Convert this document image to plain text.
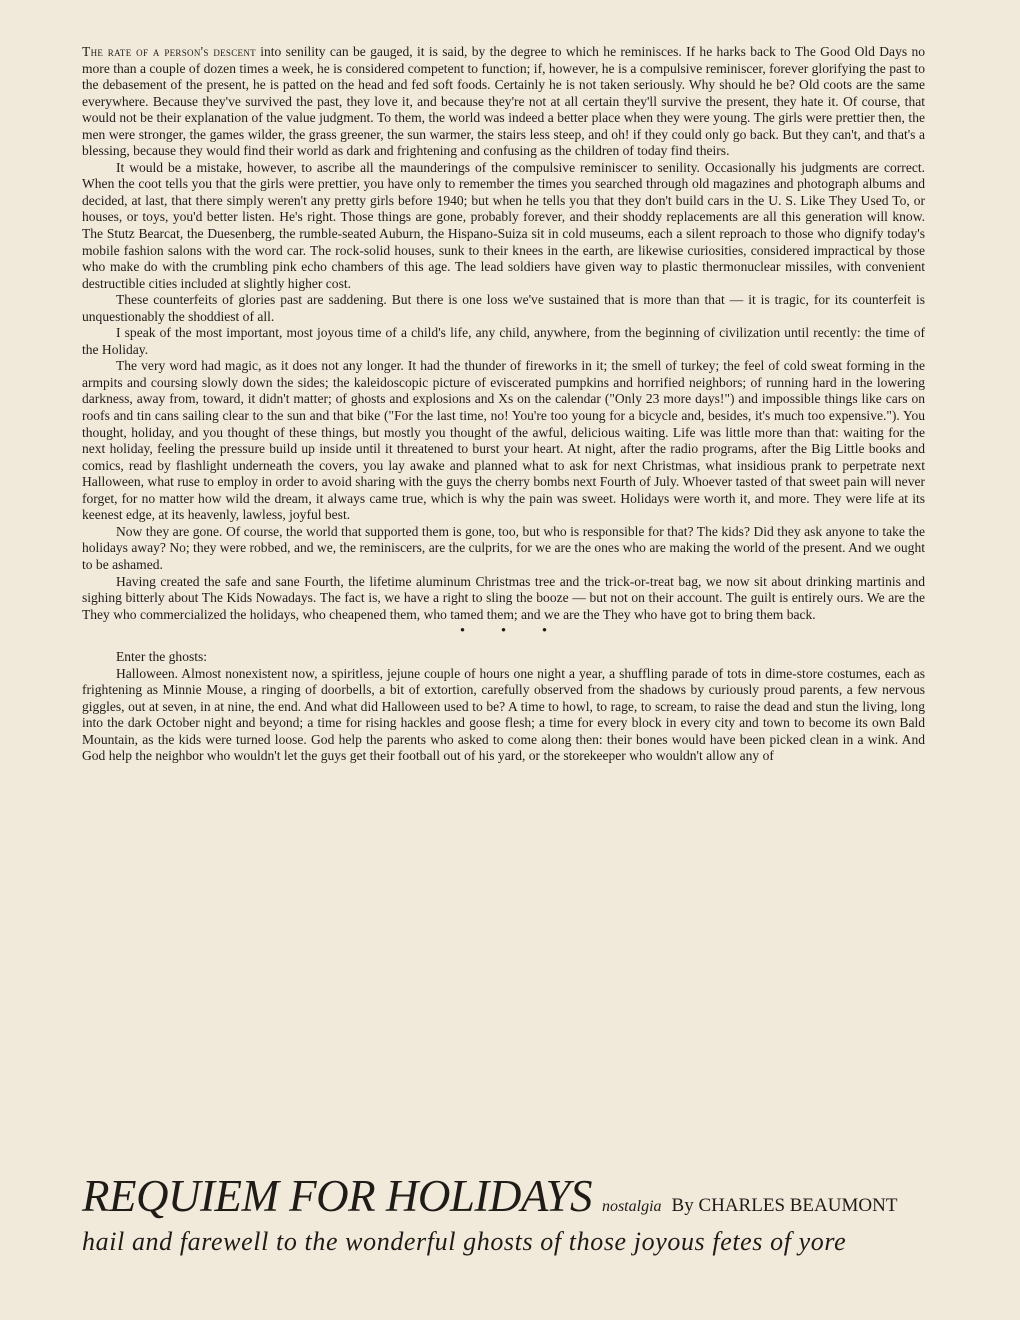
The rate of a person's descent into senility can be gauged, it is said, by the degree to which he reminisces. If he harks back to The Good Old Days no more than a couple of dozen times a week, he is considered competent to function; if, however, he is a compulsive reminiscer, forever glorifying the past to the debasement of the present, he is patted on the head and fed soft foods. Certainly he is not taken seriously. Why should he be? Old coots are the same everywhere. Because they've survived the past, they love it, and because they're not at all certain they'll survive the present, they hate it. Of course, that would not be their explanation of the value judgment. To them, the world was indeed a better place when they were young. The girls were prettier then, the men were stronger, the games wilder, the grass greener, the sun warmer, the stairs less steep, and oh! if they could only go back. But they can't, and that's a blessing, because they would find their world as dark and frightening and confusing as the children of today find theirs.

It would be a mistake, however, to ascribe all the maunderings of the compulsive reminiscer to senility. Occasionally his judgments are correct. When the coot tells you that the girls were prettier, you have only to remember the times you searched through old magazines and photograph albums and decided, at last, that there simply weren't any pretty girls before 1940; but when he tells you that they don't build cars in the U. S. Like They Used To, or houses, or toys, you'd better listen. He's right. Those things are gone, probably forever, and their shoddy replacements are all this generation will know. The Stutz Bearcat, the Duesenberg, the rumble-seated Auburn, the Hispano-Suiza sit in cold museums, each a silent reproach to those who dignify today's mobile fashion salons with the word car. The rock-solid houses, sunk to their knees in the earth, are likewise curiosities, considered impractical by those who make do with the crumbling pink echo chambers of this age. The lead soldiers have given way to plastic thermonuclear missiles, with convenient destructible cities included at slightly higher cost.

These counterfeits of glories past are saddening. But there is one loss we've sustained that is more than that — it is tragic, for its counterfeit is unquestionably the shoddiest of all.

I speak of the most important, most joyous time of a child's life, any child, anywhere, from the beginning of civilization until recently: the time of the Holiday.

The very word had magic, as it does not any longer. It had the thunder of fireworks in it; the smell of turkey; the feel of cold sweat forming in the armpits and coursing slowly down the sides; the kaleidoscopic picture of eviscerated pumpkins and horrified neighbors; of running hard in the lowering darkness, away from, toward, it didn't matter; of ghosts and explosions and Xs on the calendar ("Only 23 more days!") and impossible things like cars on roofs and tin cans sailing clear to the sun and that bike ("For the last time, no! You're too young for a bicycle and, besides, it's much too expensive."). You thought, holiday, and you thought of these things, but mostly you thought of the awful, delicious waiting. Life was little more than that: waiting for the next holiday, feeling the pressure build up inside until it threatened to burst your heart. At night, after the radio programs, after the Big Little books and comics, read by flashlight underneath the covers, you lay awake and planned what to ask for next Christmas, what insidious prank to perpetrate next Halloween, what ruse to employ in order to avoid sharing with the guys the cherry bombs next Fourth of July. Whoever tasted of that sweet pain will never forget, for no matter how wild the dream, it always came true, which is why the pain was sweet. Holidays were worth it, and more. They were life at its keenest edge, at its heavenly, lawless, joyful best.

Now they are gone. Of course, the world that supported them is gone, too, but who is responsible for that? The kids? Did they ask anyone to take the holidays away? No; they were robbed, and we, the reminiscers, are the culprits, for we are the ones who are making the world of the present. And we ought to be ashamed.

Having created the safe and sane Fourth, the lifetime aluminum Christmas tree and the trick-or-treat bag, we now sit about drinking martinis and sighing bitterly about The Kids Nowadays. The fact is, we have a right to sling the booze — but not on their account. The guilt is entirely ours. We are the They who commercialized the holidays, who cheapened them, who tamed them; and we are the They who have got to bring them back.

• • •

Enter the ghosts:

Halloween. Almost nonexistent now, a spiritless, jejune couple of hours one night a year, a shuffling parade of tots in dime-store costumes, each as frightening as Minnie Mouse, a ringing of doorbells, a bit of extortion, carefully observed from the shadows by curiously proud parents, a few nervous giggles, out at seven, in at nine, the end. And what did Halloween used to be? A time to howl, to rage, to scream, to raise the dead and stun the living, long into the dark October night and beyond; a time for rising hackles and goose flesh; a time for every block in every city and town to become its own Bald Mountain, as the kids were turned loose. God help the parents who asked to come along then: their bones would have been picked clean in a wink. And God help the neighbor who wouldn't let the guys get their football out of his yard, or the storekeeper who wouldn't allow any of

REQUIEM FOR HOLIDAYS nostalgia By CHARLES BEAUMONT
hail and farewell to the wonderful ghosts of those joyous fetes of yore
